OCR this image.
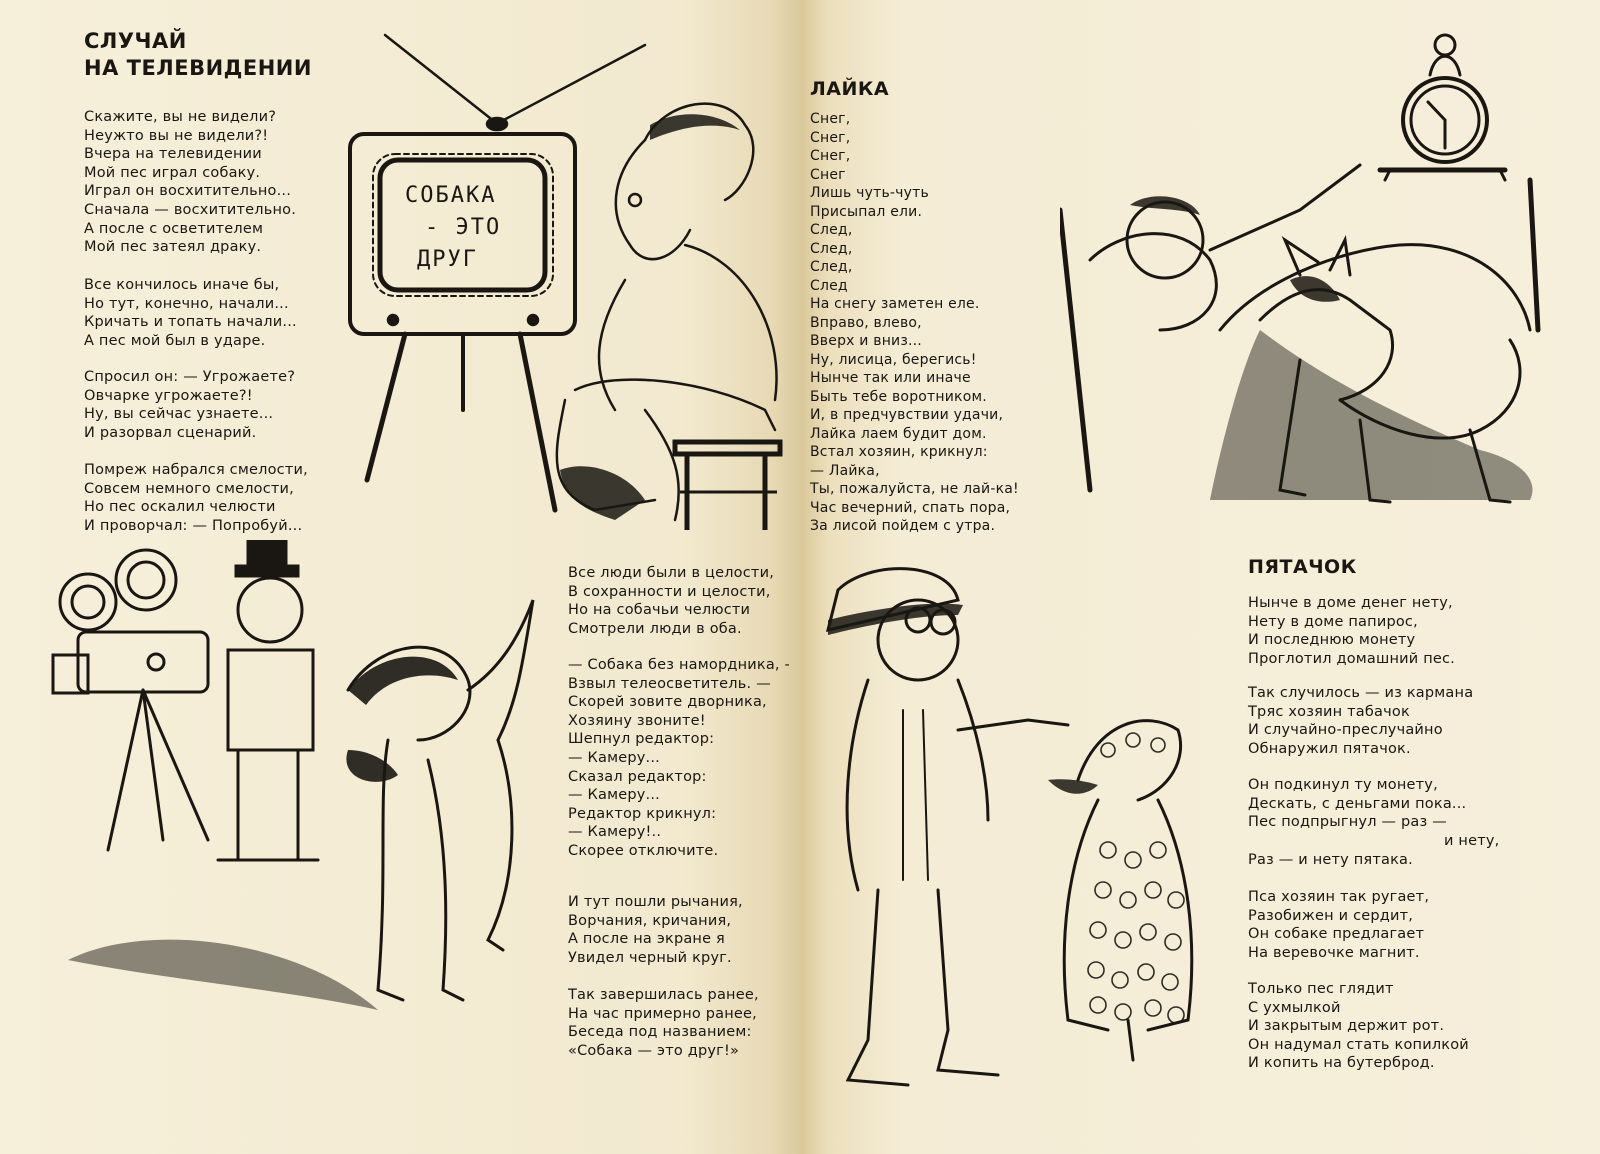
СЛУЧАЙ
НА ТЕЛЕВИДЕНИИ
Скажите, вы не видели?
Неужто вы не видели?!
Вчера на телевидении
Мой пес играл собаку.
Играл он восхитительно...
Сначала — восхитительно.
А после с осветителем
Мой пес затеял драку.
Все кончилось иначе бы,
Но тут, конечно, начали...
Кричать и топать начали...
А пес мой был в ударе.
Спросил он: — Угрожаете?
Овчарке угрожаете?!
Ну, вы сейчас узнаете...
И разорвал сценарий.
Помреж набрался смелости,
Совсем немного смелости,
Но пес оскалил челюсти
И проворчал: — Попробуй...
Все люди были в целости,
В сохранности и целости,
Но на собачьи челюсти
Смотрели люди в оба.
— Собака без намордника, -
Взвыл телеосветитель. —
Скорей зовите дворника,
Хозяину звоните!
Шепнул редактор:
— Камеру...
Сказал редактор:
— Камеру...
Редактор крикнул:
— Камеру!..
Скорее отключите.
И тут пошли рычания,
Ворчания, кричания,
А после на экране я
Увидел черный круг.
Так завершилась ранее,
На час примерно ранее,
Беседа под названием:
«Собака — это друг!»
СОБАКА
- ЭТО
ДРУГ
ЛАЙКА
Снег,
Снег,
Снег,
Снег
Лишь чуть-чуть
Присыпал ели.
След,
След,
След,
След
На снегу заметен еле.
Вправо, влево,
Вверх и вниз...
Ну, лисица, берегись!
Нынче так или иначе
Быть тебе воротником.
И, в предчувствии удачи,
Лайка лаем будит дом.
Встал хозяин, крикнул:
— Лайка,
Ты, пожалуйста, не лай-ка!
Час вечерний, спать пора,
За лисой пойдем с утра.
ПЯТАЧОК
Нынче в доме денег нету,
Нету в доме папирос,
И последнюю монету
Проглотил домашний пес.
Так случилось — из кармана
Тряс хозяин табачок
И случайно-преслучайно
Обнаружил пятачок.
Он подкинул ту монету,
Дескать, с деньгами пока...
Пес подпрыгнул — раз —
и нету,
Раз — и нету пятака.
Пса хозяин так ругает,
Разобижен и сердит,
Он собаке предлагает
На веревочке магнит.
Только пес глядит
С ухмылкой
И закрытым держит рот.
Он надумал стать копилкой
И копить на бутерброд.
